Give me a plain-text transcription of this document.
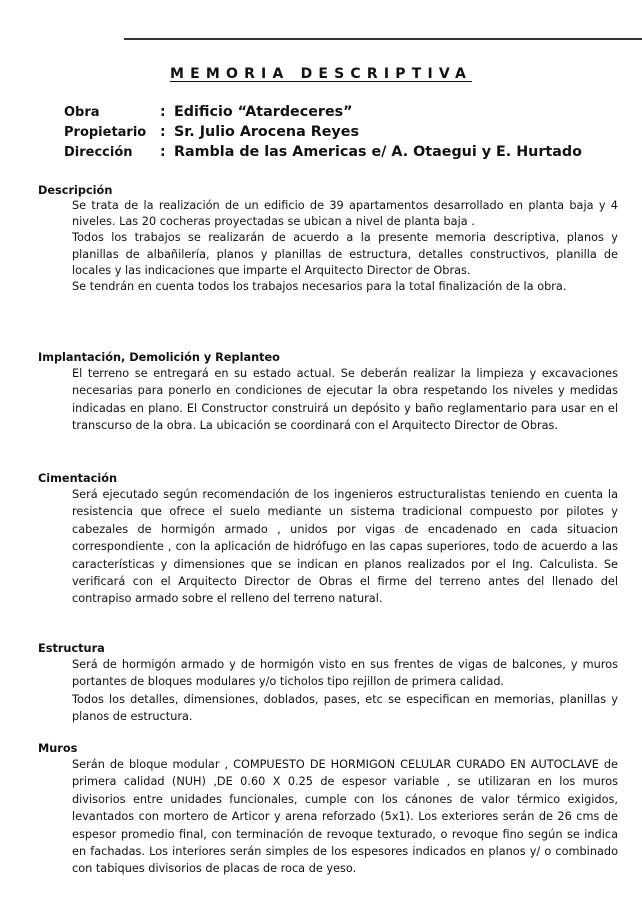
MEMORIA DESCRIPTIVA
Obra	: Edificio “Atardeceres”
Propietario : Sr. Julio Arocena Reyes
Dirección	: Rambla de las Americas e/ A. Otaegui y E. Hurtado

Descripción

Se trata de la realización de un edificio de 39 apartamentos desarrollado en planta baja y 4 niveles. Las 20 cocheras proyectadas se ubican a nivel de planta baja .

Todos los trabajos se realizarán de acuerdo a la presente memoria descriptiva, planos y planillas de albañilería, planos y planillas de estructura, detalles constructivos, planilla de locales y las indicaciones que imparte el Arquitecto Director de Obras.

Se tendrán en cuenta todos los trabajos necesarios para la total finalización de la obra.

Implantación, Demolición y Replanteo

El terreno se entregará en su estado actual. Se deberán realizar la limpieza y excavaciones necesarias para ponerlo en condiciones de ejecutar la obra respetando los niveles y medidas indicadas en plano. El Constructor construirá un depósito y baño reglamentario para usar en el transcurso de la obra. La ubicación se coordinará con el Arquitecto Director de Obras.

Cimentación

Será ejecutado según recomendación de los ingenieros estructuralistas teniendo en cuenta la resistencia que ofrece el suelo mediante un sistema tradicional compuesto por pilotes y cabezales de hormigón armado , unidos por vigas de encadenado en cada situacion correspondiente , con la aplicación de hidrófugo en las capas superiores, todo de acuerdo a las características y dimensiones que se indican en planos realizados por el Ing. Calculista. Se verificará con el Arquitecto Director de Obras el firme del terreno antes del llenado del contrapiso armado sobre el relleno del terreno natural.

Estructura

Será de hormigón armado y de hormigón visto en sus frentes de vigas de balcones, y muros portantes de bloques modulares y/o ticholos tipo rejillon de primera calidad.

Todos los detalles, dimensiones, doblados, pases, etc se especifican en memorias, planillas y planos de estructura.

Muros

Serán de bloque modular , COMPUESTO DE HORMIGON CELULAR CURADO EN AUTOCLAVE de primera calidad (NUH) ,DE 0.60 X 0.25 de espesor variable , se utilizaran en los muros divisorios entre unidades funcionales, cumple con los cánones de valor térmico exigidos, levantados con mortero de Articor y arena reforzado (5x1). Los exteriores serán de 26 cms de espesor promedio final, con terminación de revoque texturado, o revoque fino según se indica en fachadas. Los interiores serán simples de los espesores indicados en planos y/ o combinado con tabiques divisorios de placas de roca de yeso.
